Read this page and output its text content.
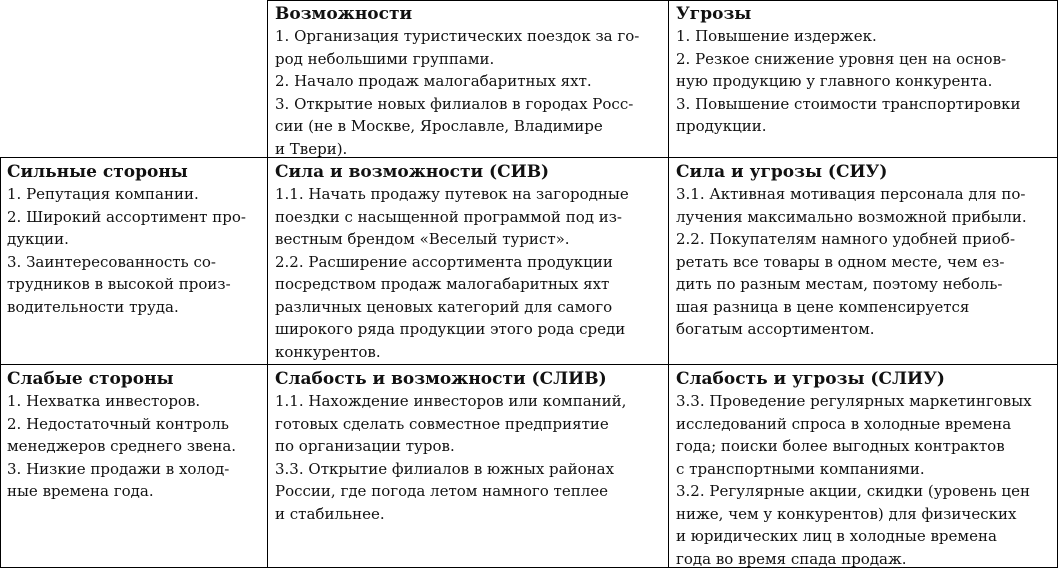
Возможности

1. Организация туристических поездок за го-

род небольшими группами.

2. Начало продаж малогабаритных яхт.

3. Открытие новых филиалов в городах Росс-

сии (не в Москве, Ярославле, Владимире

и Твери).

Угрозы

1. Повышение издержек.

2. Резкое снижение уровня цен на основ-

ную продукцию у главного конкурента.

3. Повышение стоимости транспортировки

продукции.

Сильные стороны

1. Репутация компании.

2. Широкий ассортимент про-

дукции.

3. Заинтересованность со-

трудников в высокой произ-

водительности труда.

Сила и возможности (СИВ)

1.1. Начать продажу путевок на загородные

поездки с насыщенной программой под из-

вестным брендом «Веселый турист».

2.2. Расширение ассортимента продукции

посредством продаж малогабаритных яхт

различных ценовых категорий для самого

широкого ряда продукции этого рода среди

конкурентов.

Сила и угрозы (СИУ)

3.1. Активная мотивация персонала для по-

лучения максимально возможной прибыли.

2.2. Покупателям намного удобней приоб-

ретать все товары в одном месте, чем ез-

дить по разным местам, поэтому неболь-

шая разница в цене компенсируется

богатым ассортиментом.

Слабые стороны

1. Нехватка инвесторов.

2. Недостаточный контроль

менеджеров среднего звена.

3. Низкие продажи в холод-

ные времена года.

Слабость и возможности (СЛИВ)

1.1. Нахождение инвесторов или компаний,

готовых сделать совместное предприятие

по организации туров.

3.3. Открытие филиалов в южных районах

России, где погода летом намного теплее

и стабильнее.

Слабость и угрозы (СЛИУ)

3.3. Проведение регулярных маркетинговых

исследований спроса в холодные времена

года; поиски более выгодных контрактов

с транспортными компаниями.

3.2. Регулярные акции, скидки (уровень цен

ниже, чем у конкурентов) для физических

и юридических лиц в холодные времена

года во время спада продаж.
